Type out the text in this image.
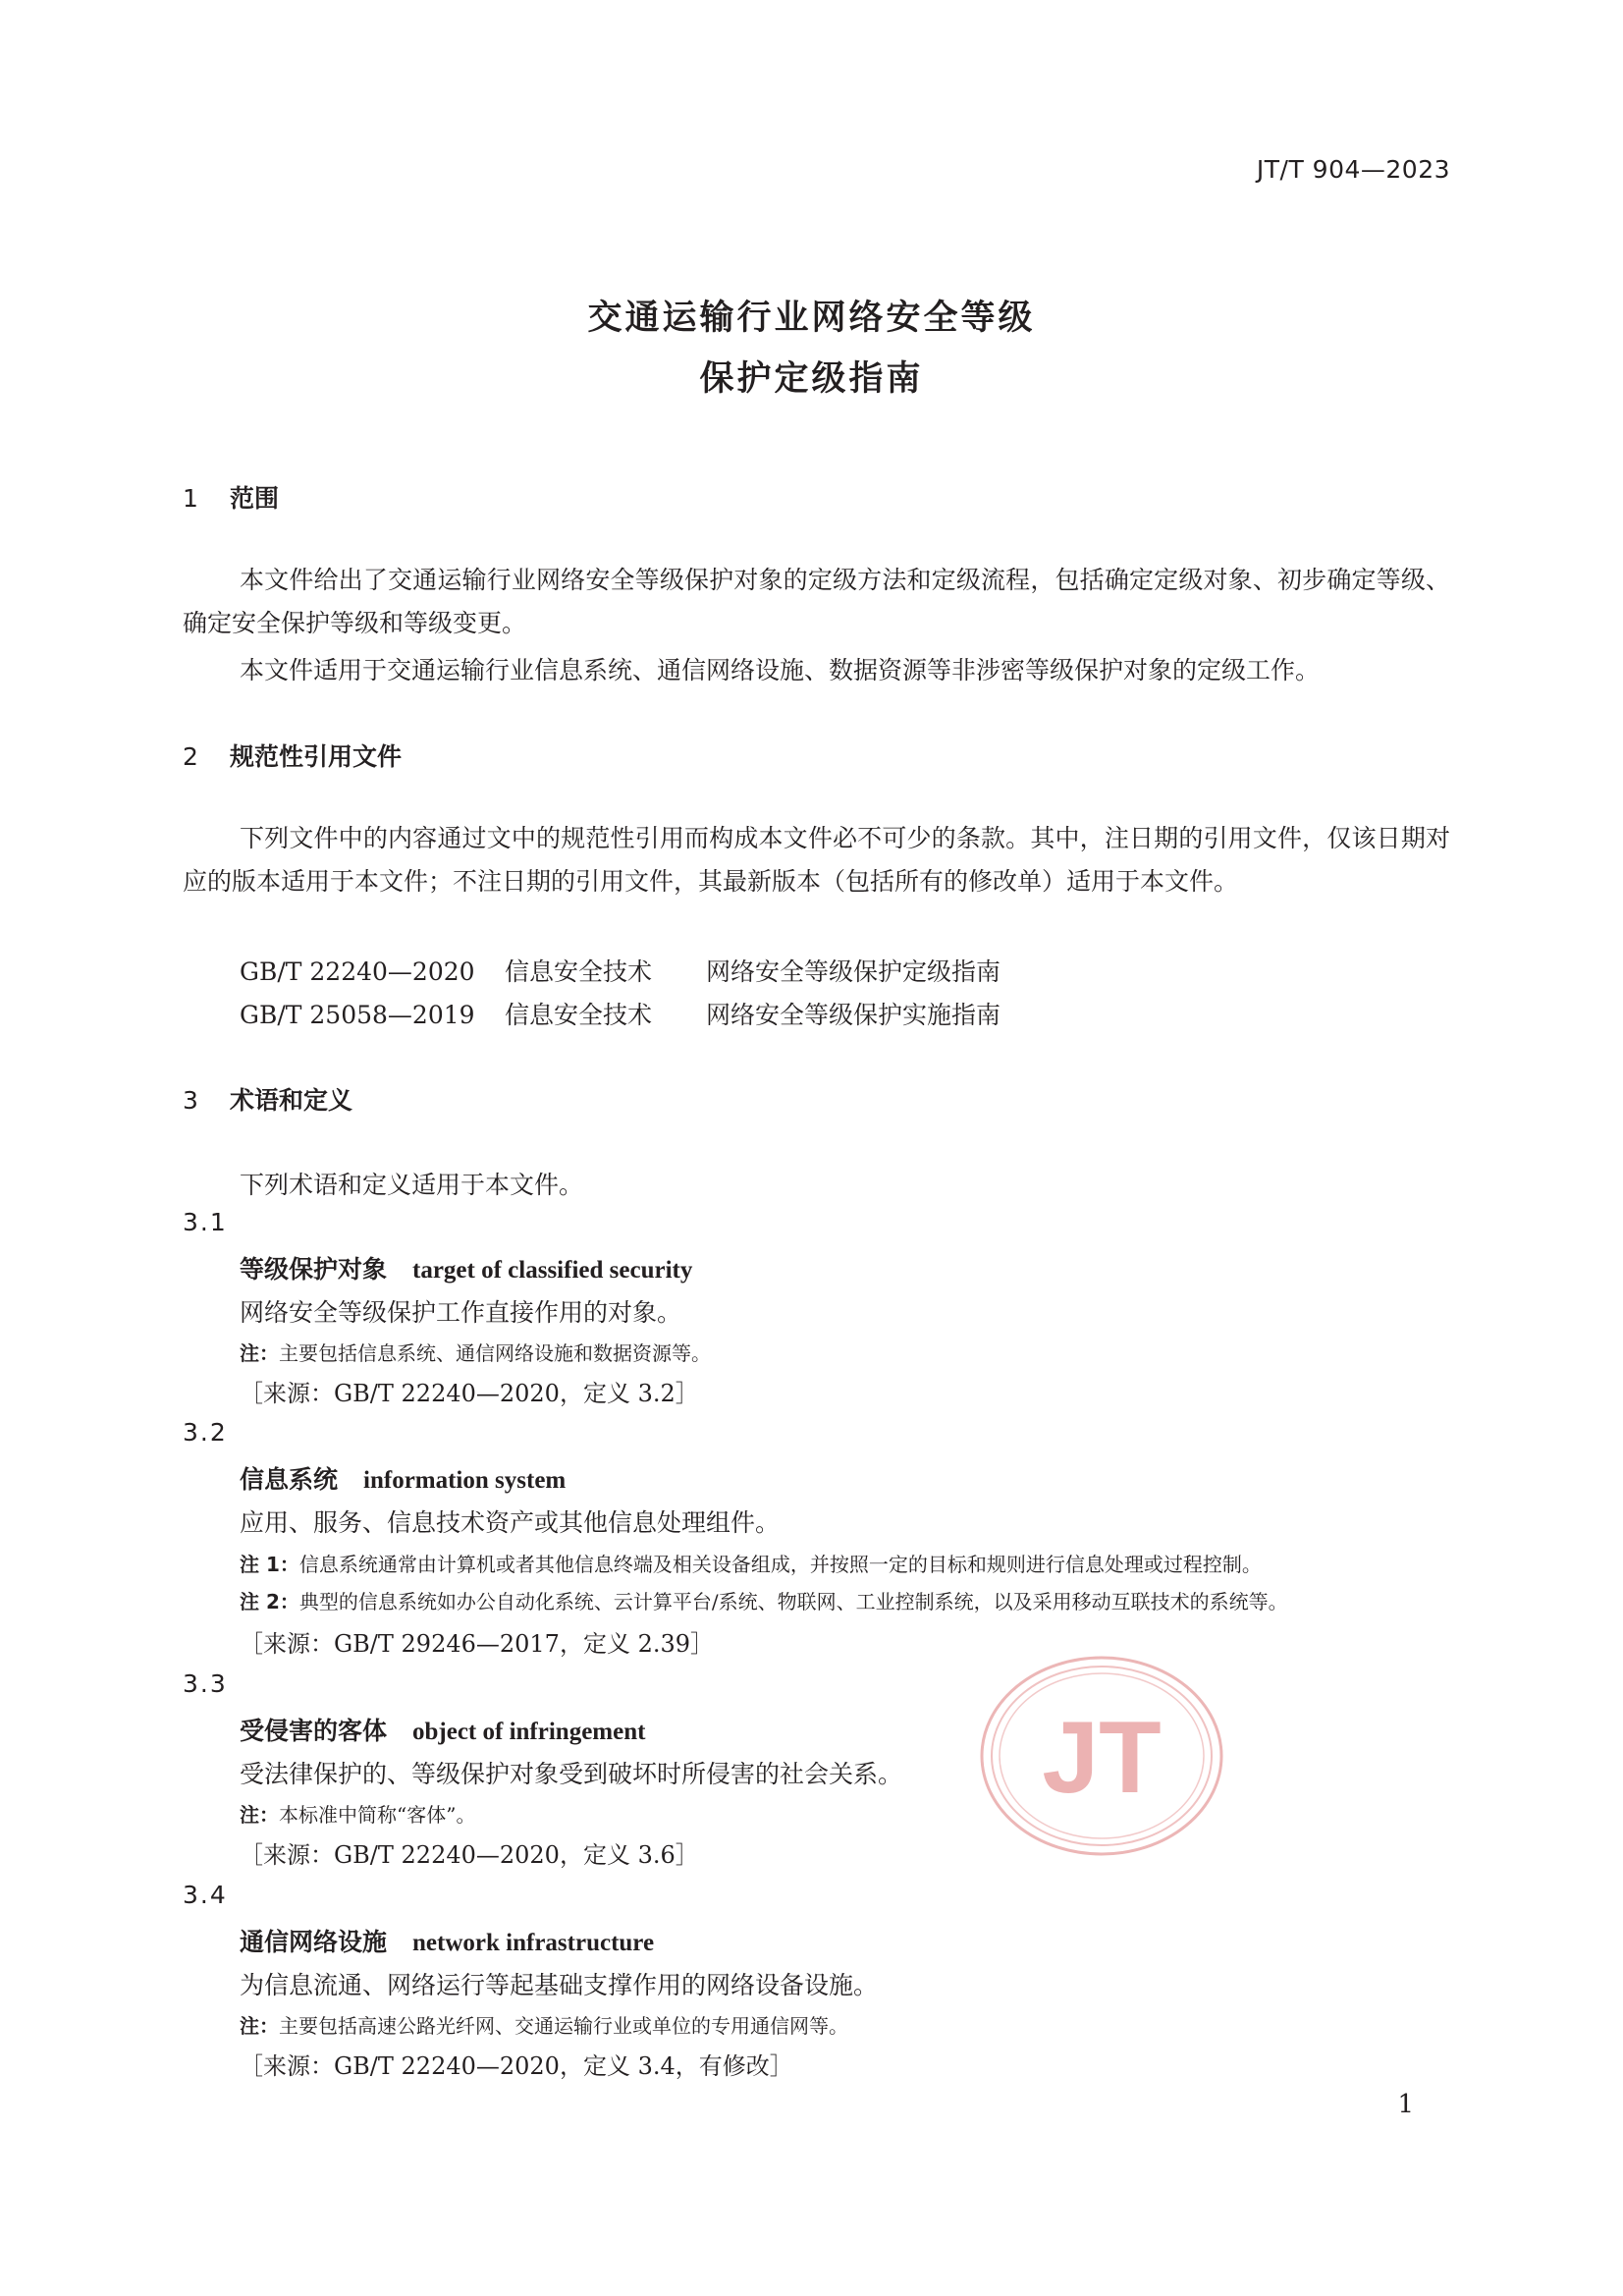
JT/T 904—2023
交通运输行业网络安全等级
保护定级指南
1 范围
本文件给出了交通运输行业网络安全等级保护对象的定级方法和定级流程，包括确定定级对象、初步确定等级、确定安全保护等级和等级变更。
本文件适用于交通运输行业信息系统、通信网络设施、数据资源等非涉密等级保护对象的定级工作。
2 规范性引用文件
下列文件中的内容通过文中的规范性引用而构成本文件必不可少的条款。其中，注日期的引用文件，仅该日期对应的版本适用于本文件；不注日期的引用文件，其最新版本（包括所有的修改单）适用于本文件。
GB/T 22240—2020 信息安全技术 网络安全等级保护定级指南
GB/T 25058—2019 信息安全技术 网络安全等级保护实施指南
3 术语和定义
下列术语和定义适用于本文件。
3.1
等级保护对象 target of classified security
网络安全等级保护工作直接作用的对象。
注：主要包括信息系统、通信网络设施和数据资源等。
［来源：GB/T 22240—2020，定义 3.2］
3.2
信息系统 information system
应用、服务、信息技术资产或其他信息处理组件。
注 1：信息系统通常由计算机或者其他信息终端及相关设备组成，并按照一定的目标和规则进行信息处理或过程控制。
注 2：典型的信息系统如办公自动化系统、云计算平台/系统、物联网、工业控制系统，以及采用移动互联技术的系统等。
［来源：GB/T 29246—2017，定义 2.39］
3.3
受侵害的客体 object of infringement
受法律保护的、等级保护对象受到破坏时所侵害的社会关系。
注：本标准中简称“客体”。
［来源：GB/T 22240—2020，定义 3.6］
3.4
通信网络设施 network infrastructure
为信息流通、网络运行等起基础支撑作用的网络设备设施。
注：主要包括高速公路光纤网、交通运输行业或单位的专用通信网等。
［来源：GB/T 22240—2020，定义 3.4，有修改］
JT
1
